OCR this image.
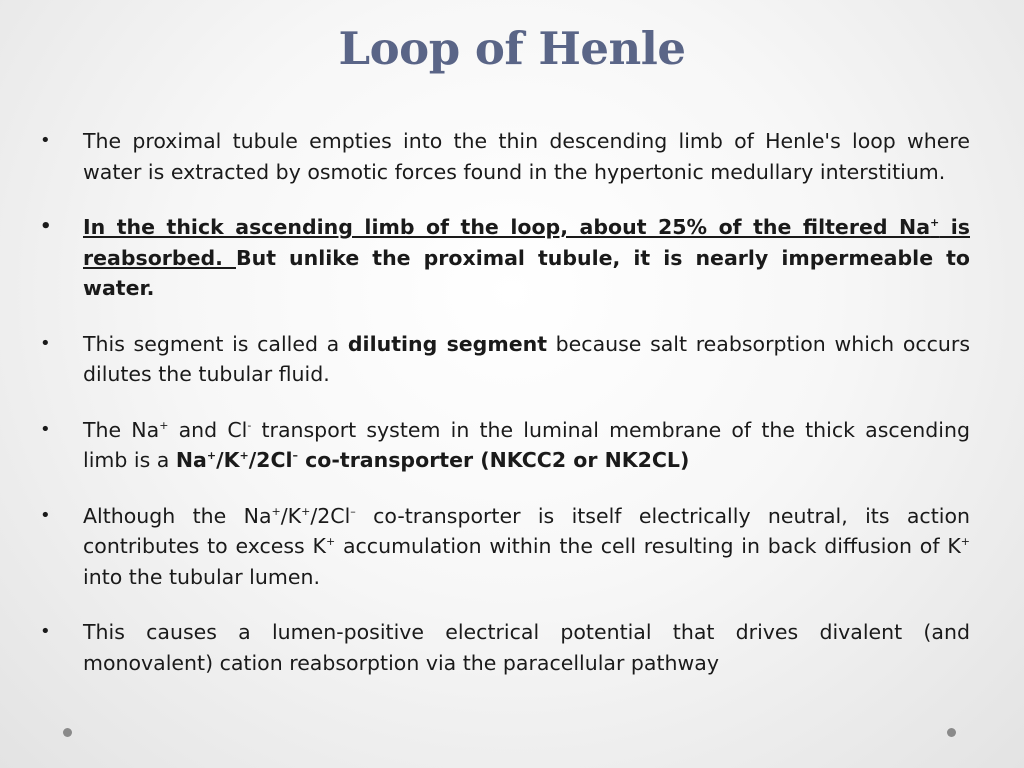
Loop of Henle
•	The proximal tubule empties into the thin descending limb of Henle's loop where water is extracted by osmotic forces found in the hypertonic medullary interstitium.
•	In the thick ascending limb of the loop, about 25% of the filtered Na+ is reabsorbed. But unlike the proximal tubule, it is nearly impermeable to water.
•	This segment is called a diluting segment because salt reabsorption which occurs dilutes the tubular fluid.
•	The Na+ and Cl- transport system in the luminal membrane of the thick ascending limb is a Na+/K+/2Cl– co-transporter (NKCC2 or NK2CL)
•	Although the Na+/K+/2Cl– co-transporter is itself electrically neutral, its action contributes to excess K+ accumulation within the cell resulting in back diffusion of K+ into the tubular lumen.
•	This causes a lumen-positive electrical potential that drives divalent (and monovalent) cation reabsorption via the paracellular pathway
